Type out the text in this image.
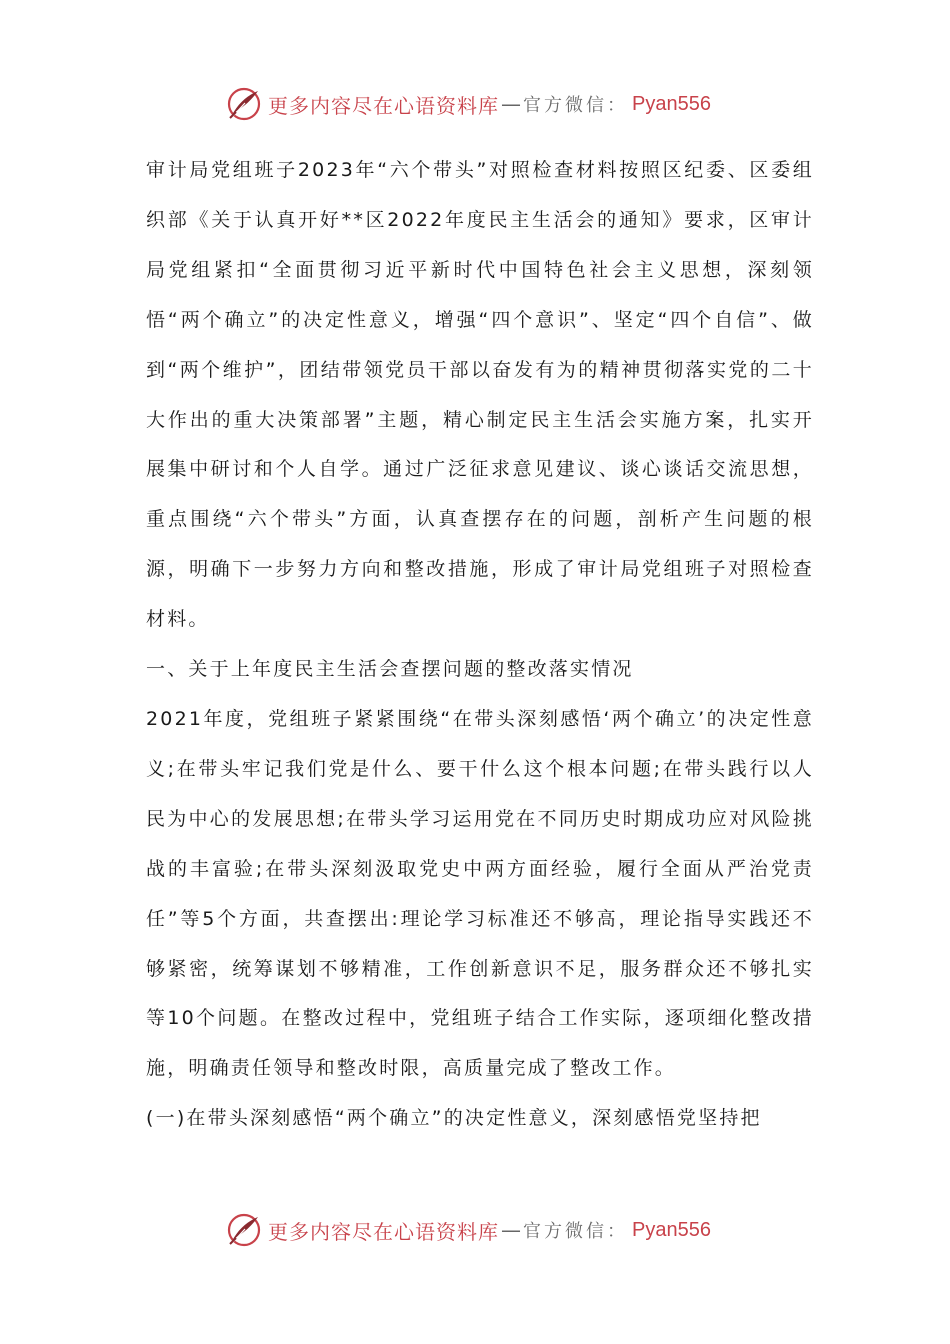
更多内容尽在心语资料库 — 官方微信： Pyan556

审计局党组班子2023年“六个带头”对照检查材料按照区纪委、区委组织部《关于认真开好**区2022年度民主生活会的通知》要求，区审计局党组紧扣“全面贯彻习近平新时代中国特色社会主义思想，深刻领悟“两个确立”的决定性意义，增强“四个意识”、坚定“四个自信”、做到“两个维护”，团结带领党员干部以奋发有为的精神贯彻落实党的二十大作出的重大决策部署”主题，精心制定民主生活会实施方案，扎实开展集中研讨和个人自学。通过广泛征求意见建议、谈心谈话交流思想，重点围绕“六个带头”方面，认真查摆存在的问题，剖析产生问题的根源，明确下一步努力方向和整改措施，形成了审计局党组班子对照检查材料。

一、关于上年度民主生活会查摆问题的整改落实情况

2021年度，党组班子紧紧围绕“在带头深刻感悟‘两个确立’的决定性意义;在带头牢记我们党是什么、要干什么这个根本问题;在带头践行以人民为中心的发展思想;在带头学习运用党在不同历史时期成功应对风险挑战的丰富验;在带头深刻汲取党史中两方面经验，履行全面从严治党责任”等5个方面，共查摆出:理论学习标准还不够高，理论指导实践还不够紧密，统筹谋划不够精准，工作创新意识不足，服务群众还不够扎实等10个问题。在整改过程中，党组班子结合工作实际，逐项细化整改措施，明确责任领导和整改时限，高质量完成了整改工作。

(一)在带头深刻感悟“两个确立”的决定性意义，深刻感悟党坚持把

更多内容尽在心语资料库 — 官方微信： Pyan556
